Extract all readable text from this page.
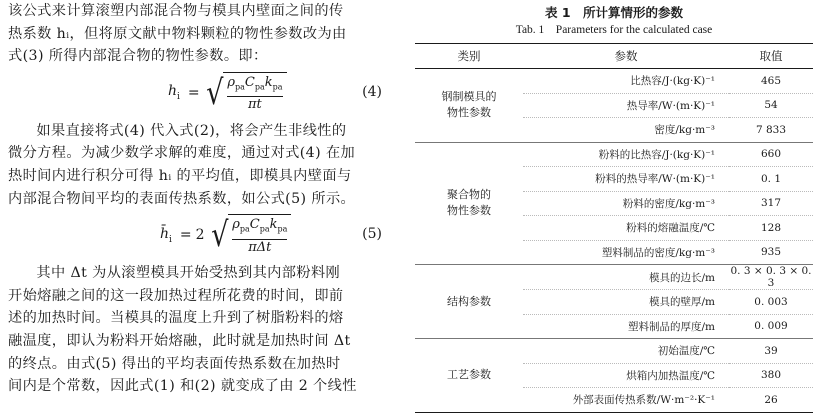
该公式来计算滚塑内部混合物与模具内壁面之间的传
热系数 hᵢ，但将原文献中物料颗粒的物性参数改为由
式(3) 所得内部混合物的物性参数。即：

$h_i$ = √ $\frac{\rho_{pa}C_{pa}k_{pa}}{\pi t}$	(4)

如果直接将式(4) 代入式(2)，将会产生非线性的
微分方程。为减少数学求解的难度，通过对式(4) 在加
热时间内进行积分可得 hᵢ 的平均值，即模具内壁面与
内部混合物间平均的表面传热系数，如公式(5) 所示。

$h̄_i = 2$ √ $\frac{\rho_{pa}C_{pa}k_{pa}}{\text{πΔt}}$	(5)

其中 Δt 为从滚塑模具开始受热到其内部粉料刚
开始熔融之间的这一段加热过程所花费的时间，即前
述的加热时间。当模具的温度上升到了树脂粉料的熔
融温度，即认为粉料开始熔融，此时就是加热时间 Δt
的终点。由式(5) 得出的平均表面传热系数在加热时
间内是个常数，因此式(1) 和(2) 就变成了由 2 个线性

表 1　所计算情形的参数
Tab. 1　Parameters for the calculated case
类别	参数	取值

钢制模具的
物性参数	比热容/J·(kg·K)⁻¹	465
	热导率/W·(m·K)⁻¹	54
	密度/kg·m⁻³	7 833

聚合物的
物性参数	粉料的比热容/J·(kg·K)⁻¹	660
	粉料的热导率/W·(m·K)⁻¹	0. 1
	粉料的密度/kg·m⁻³	317
	粉料的熔融温度/℃	128
	塑料制品的密度/kg·m⁻³	935

结构参数	模具的边长/m	0. 3 × 0. 3 × 0. 3
	模具的壁厚/m	0. 003
	塑料制品的厚度/m	0. 009

工艺参数	初始温度/℃	39
	烘箱内加热温度/℃	380
	外部表面传热系数/W·m⁻²·K⁻¹	26
